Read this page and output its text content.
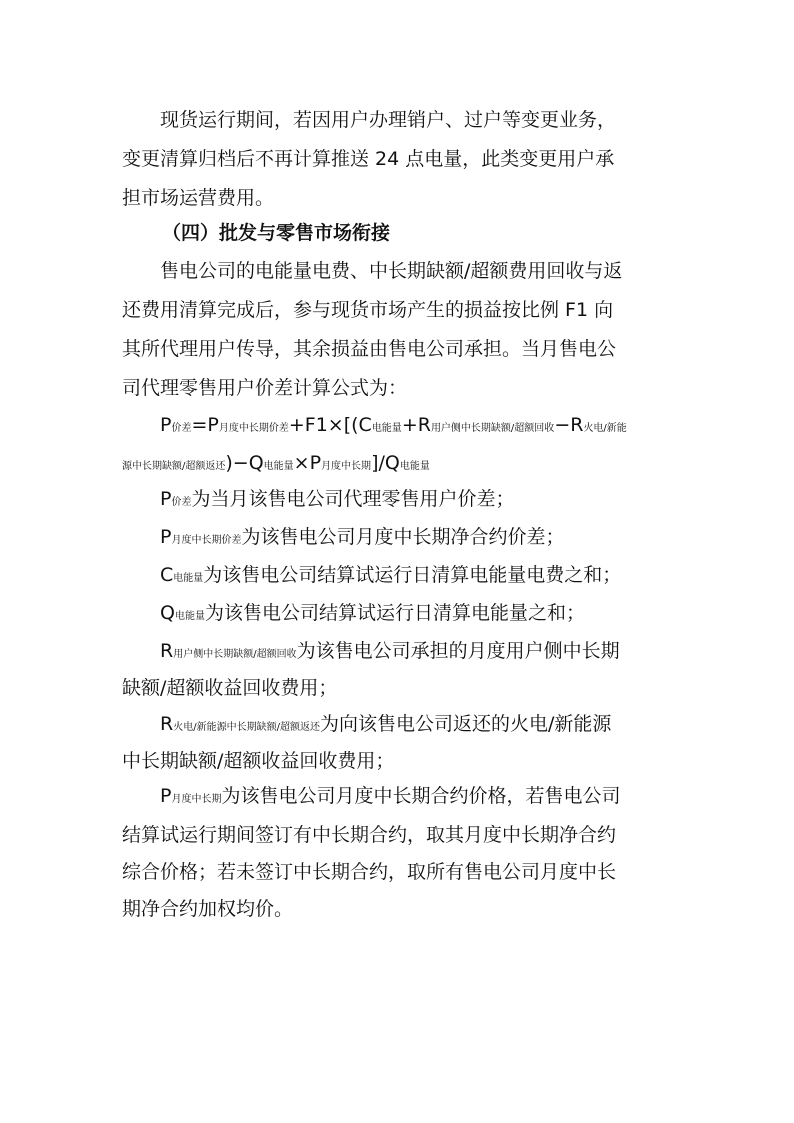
现货运行期间，若因用户办理销户、过户等变更业务，
变更清算归档后不再计算推送 24 点电量，此类变更用户承
担市场运营费用。
（四）批发与零售市场衔接
售电公司的电能量电费、中长期缺额/超额费用回收与返
还费用清算完成后，参与现货市场产生的损益按比例 F1 向
其所代理用户传导，其余损益由售电公司承担。当月售电公
司代理零售用户价差计算公式为：
P价差=P月度中长期价差+F1×[(C电能量+R用户侧中长期缺额/超额回收−R火电/新能
源中长期缺额/超额返还)−Q电能量×P月度中长期]/Q电能量
P价差为当月该售电公司代理零售用户价差；
P月度中长期价差为该售电公司月度中长期净合约价差；
C电能量为该售电公司结算试运行日清算电能量电费之和；
Q电能量为该售电公司结算试运行日清算电能量之和；
R用户侧中长期缺额/超额回收为该售电公司承担的月度用户侧中长期
缺额/超额收益回收费用；
R火电/新能源中长期缺额/超额返还为向该售电公司返还的火电/新能源
中长期缺额/超额收益回收费用；
P月度中长期为该售电公司月度中长期合约价格，若售电公司
结算试运行期间签订有中长期合约，取其月度中长期净合约
综合价格；若未签订中长期合约，取所有售电公司月度中长
期净合约加权均价。
